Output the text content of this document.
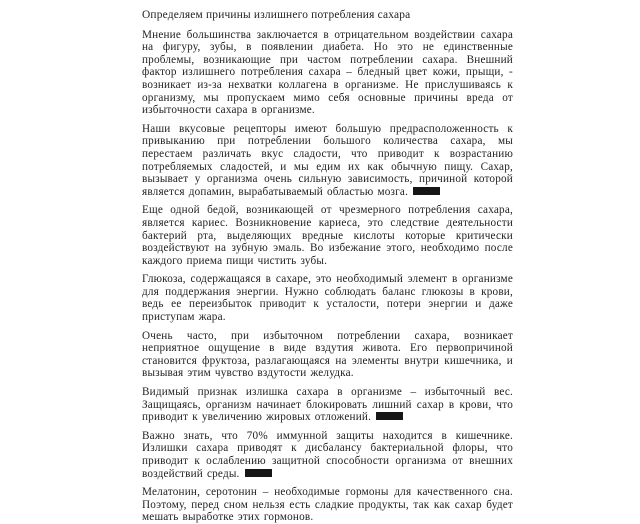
Определяем причины излишнего потребления сахара

Мнение большинства заключается в отрицательном воздействии сахара на фигуру, зубы, в появлении диабета. Но это не единственные проблемы, возникающие при частом потреблении сахара. Внешний фактор излишнего потребления сахара – бледный цвет кожи, прыщи, - возникает из-за нехватки коллагена в организме. Не прислушиваясь к организму, мы пропускаем мимо себя основные причины вреда от избыточности сахара в организме.

Наши вкусовые рецепторы имеют большую предрасположенность к привыканию при потреблении большого количества сахара, мы перестаем различать вкус сладости, что приводит к возрастанию потребляемых сладостей, и мы едим их как обычную пищу. Сахар, вызывает у организма очень сильную зависимость, причиной которой является допамин, вырабатываемый областью мозга.

Еще одной бедой, возникающей от чрезмерного потребления сахара, является кариес. Возникновение кариеса, это следствие деятельности бактерий рта, выделяющих вредные кислоты которые критически воздействуют на зубную эмаль. Во избежание этого, необходимо после каждого приема пищи чистить зубы.

Глюкоза, содержащаяся в сахаре, это необходимый элемент в организме для поддержания энергии. Нужно соблюдать баланс глюкозы в крови, ведь ее переизбыток приводит к усталости, потери энергии и даже приступам жара.

Очень часто, при избыточном потреблении сахара, возникает неприятное ощущение в виде вздутия живота. Его первопричиной становится фруктоза, разлагающаяся на элементы внутри кишечника, и вызывая этим чувство вздутости желудка.

Видимый признак излишка сахара в организме – избыточный вес. Защищаясь, организм начинает блокировать лишний сахар в крови, что приводит к увеличению жировых отложений.

Важно знать, что 70% иммунной защиты находится в кишечнике. Излишки сахара приводят к дисбалансу бактериальной флоры, что приводит к ослаблению защитной способности организма от внешних воздействий среды.

Мелатонин, серотонин – необходимые гормоны для качественного сна. Поэтому, перед сном нельзя есть сладкие продукты, так как сахар будет мешать выработке этих гормонов.
